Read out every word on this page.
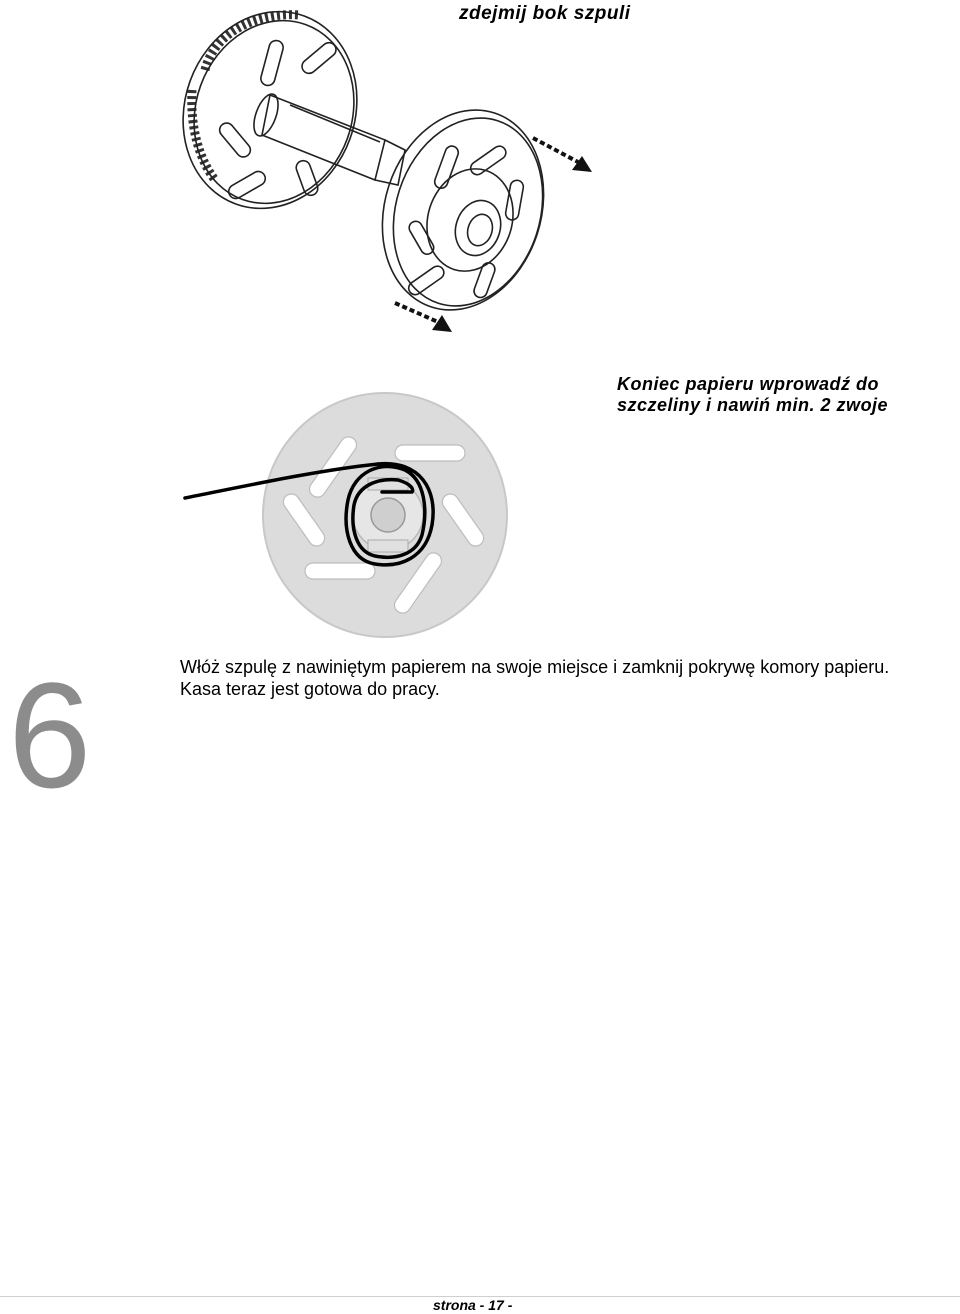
zdejmij bok szpuli
Koniec papieru wprowadź do szczeliny i nawiń min. 2 zwoje
6	Włóż szpulę z nawiniętym papierem na swoje miejsce i zamknij pokrywę komory papieru. Kasa teraz jest gotowa do pracy.
strona - 17 -
